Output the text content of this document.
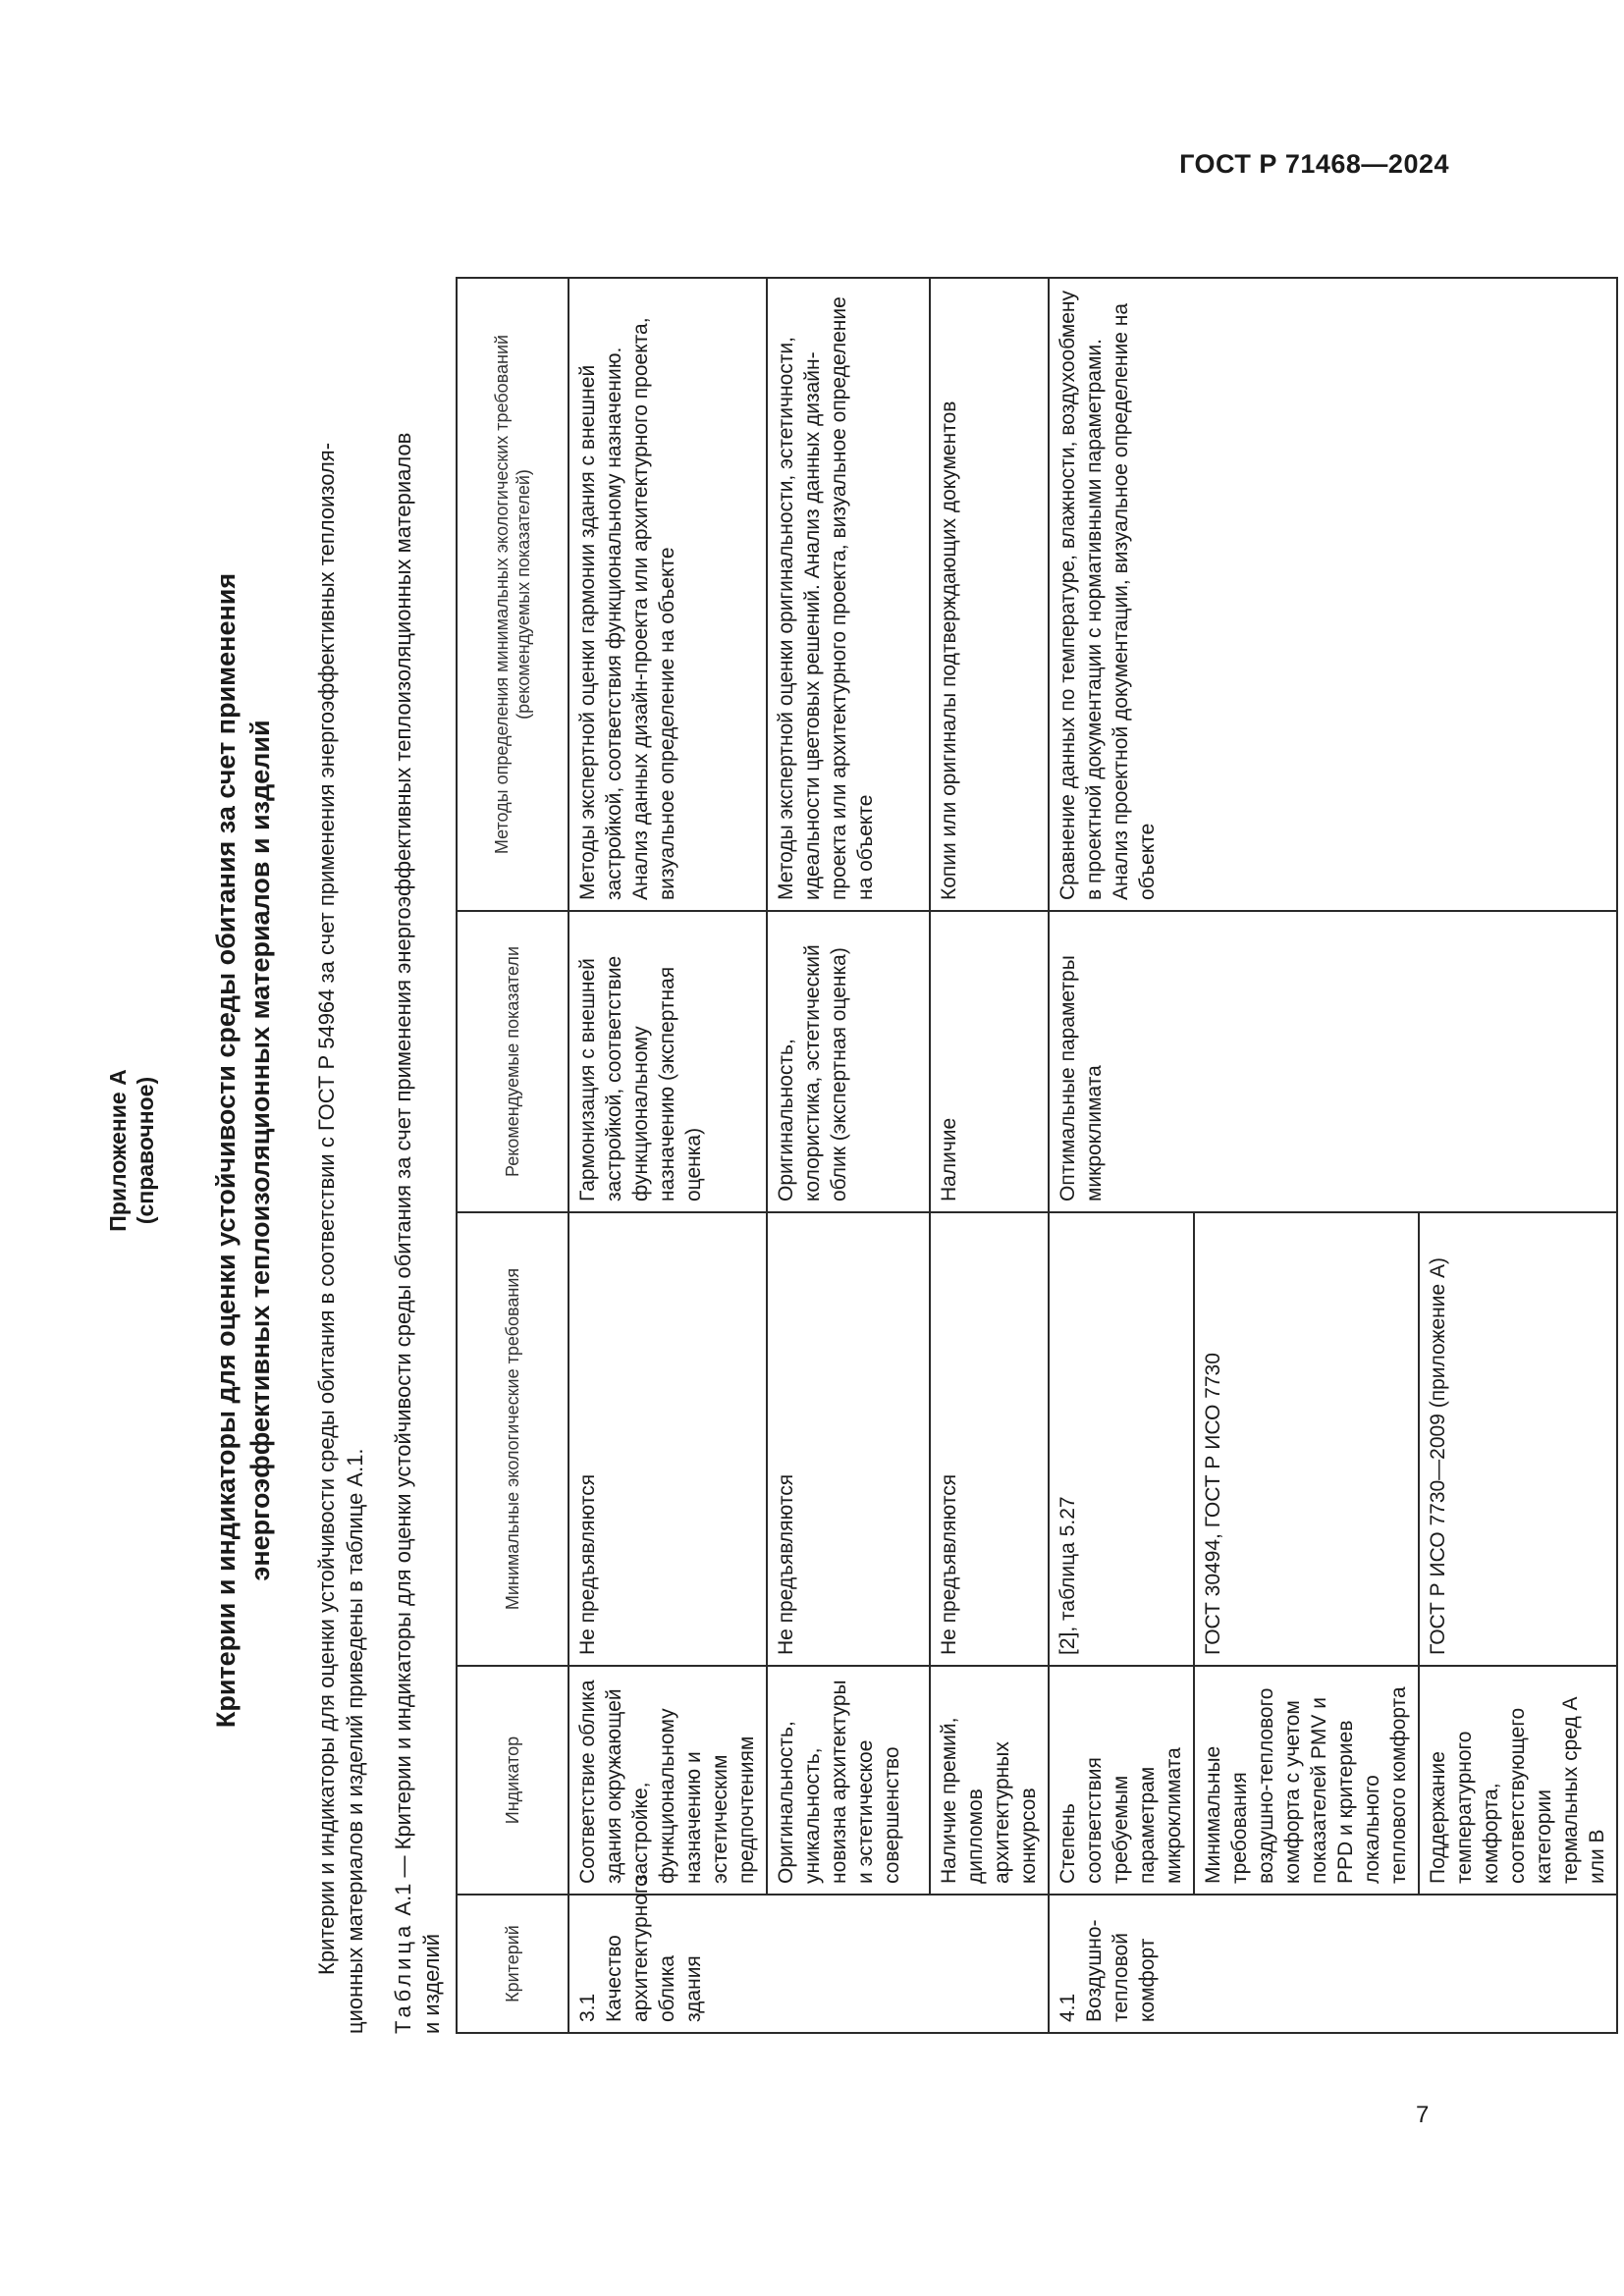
ГОСТ Р 71468—2024
7
Приложение А (справочное) Критерии и индикаторы для оценки устойчивости среды обитания за счет применения энергоэффективных теплоизоляционных материалов и изделий Критерии и индикаторы для оценки устойчивости среды обитания в соответствии с ГОСТ Р 54964 за счет применения энергоэффективных теплоизоля- ционных материалов и изделий приведены в таблице А.1. Таблица А.1 — Критерии и индикаторы для оценки устойчивости среды обитания за счет применения энергоэффективных теплоизоляционных материалов
и изделий	Критерий	Индикатор	Минимальные экологические требования	Рекомендуемые показатели	Методы определения минимальных экологических требований (рекомендуемых показателей)
3.1 Качество архитектурного облика здания	Соответствие облика здания окружающей застройке, функциональному назначению и эстетическим предпочтениям	Не предъявляются	Гармонизация с внешней застройкой, соответствие функциональному назначению (экспертная оценка)	Методы экспертной оценки гармонии здания с внешней застройкой, соответствия функциональному назначению. Анализ данных дизайн-проекта или архитектурного проекта, визуальное определение на объекте
	Оригинальность, уникальность, новизна архитектуры и эстетическое совершенство	Не предъявляются	Оригинальность, колористика, эстетический облик (экспертная оценка)	Методы экспертной оценки оригинальности, эстетичности, идеальности цветовых решений. Анализ данных дизайн-проекта или архитектурного проекта, визуальное определение на объекте
	Наличие премий, дипломов архитектурных конкурсов	Не предъявляются	Наличие	Копии или оригиналы подтверждающих документов
4.1 Воздушно-тепловой комфорт	Степень соответствия требуемым параметрам микроклимата	[2], таблица 5.27	Оптимальные параметры микроклимата	Сравнение данных по температуре, влажности, воздухообмену в проектной документации с нормативными параметрами. Анализ проектной документации, визуальное определение на объекте
	Минимальные требования воздушно-теплового комфорта с учетом показателей PMV и PPD и критериев локального теплового комфорта	ГОСТ 30494, ГОСТ Р ИСО 7730		
	Поддержание температурного комфорта, соответствующего категории термальных сред А или В	ГОСТ Р ИСО 7730—2009 (приложение А)		
